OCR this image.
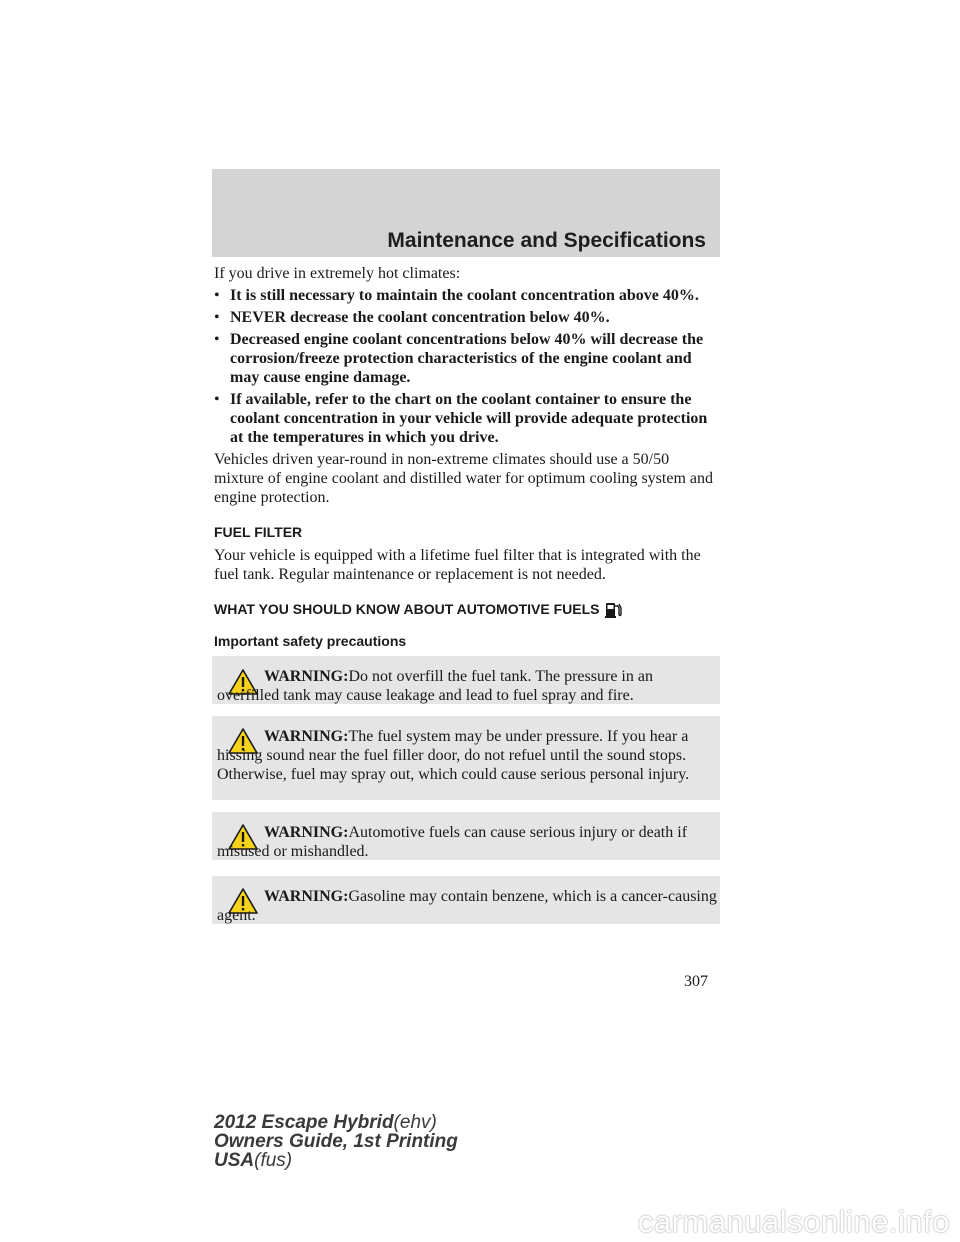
Maintenance and Specifications

If you drive in extremely hot climates:

• It is still necessary to maintain the coolant concentration above 40%.
• NEVER decrease the coolant concentration below 40%.
• Decreased engine coolant concentrations below 40% will decrease the corrosion/freeze protection characteristics of the engine coolant and may cause engine damage.
• If available, refer to the chart on the coolant container to ensure the coolant concentration in your vehicle will provide adequate protection at the temperatures in which you drive.

Vehicles driven year-round in non-extreme climates should use a 50/50 mixture of engine coolant and distilled water for optimum cooling system and engine protection.

FUEL FILTER

Your vehicle is equipped with a lifetime fuel filter that is integrated with the fuel tank. Regular maintenance or replacement is not needed.

WHAT YOU SHOULD KNOW ABOUT AUTOMOTIVE FUELS
Important safety precautions

WARNING:Do not overfill the fuel tank. The pressure in an overfilled tank may cause leakage and lead to fuel spray and fire.

WARNING:The fuel system may be under pressure. If you hear a hissing sound near the fuel filler door, do not refuel until the sound stops. Otherwise, fuel may spray out, which could cause serious personal injury.

WARNING:Automotive fuels can cause serious injury or death if misused or mishandled.

WARNING:Gasoline may contain benzene, which is a cancer-causing agent.

307
2012 Escape Hybrid(ehv)
Owners Guide, 1st Printing
USA(fus)
carmanualsonline.info
